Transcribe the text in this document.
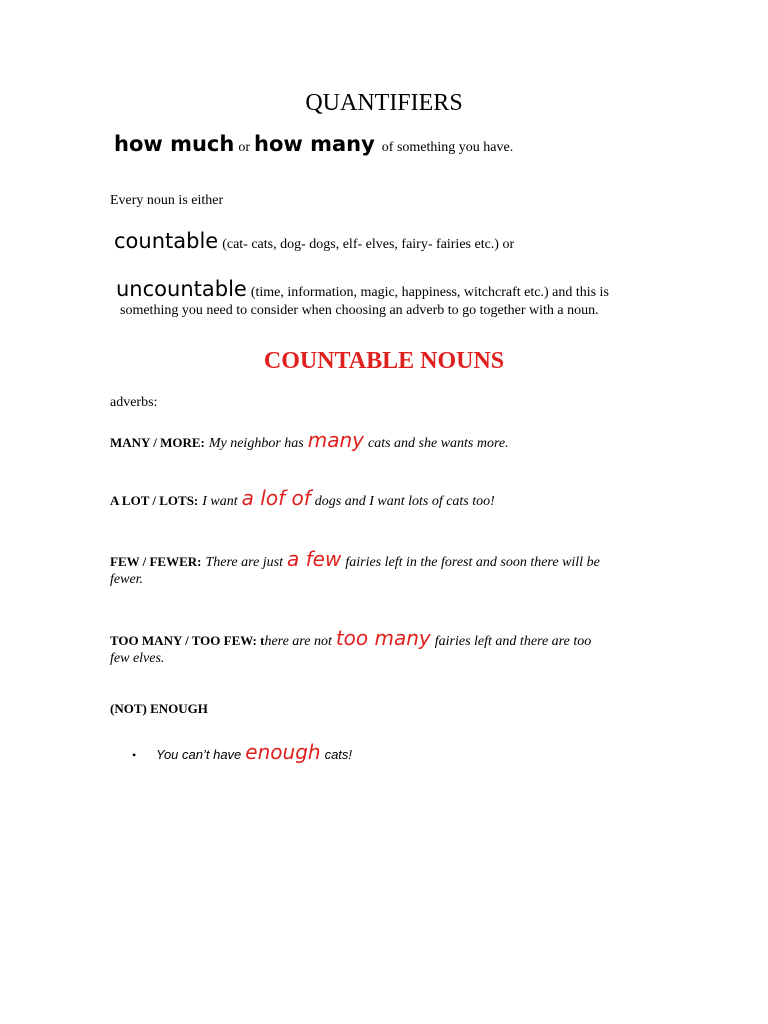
QUANTIFIERS
how much or how many of something you have.
Every noun is either
countable (cat- cats, dog- dogs, elf- elves, fairy- fairies etc.) or
uncountable (time, information, magic, happiness, witchcraft etc.) and this is
something you need to consider when choosing an adverb to go together with a noun.
COUNTABLE NOUNS
adverbs:
MANY / MORE: My neighbor has many cats and she wants more.
A LOT / LOTS: I want a lof of dogs and I want lots of cats too!
FEW / FEWER: There are just a few fairies left in the forest and soon there will be
fewer.
TOO MANY / TOO FEW: there are not too many fairies left and there are too
few elves.
(NOT) ENOUGH
• You can’t have enough cats!
